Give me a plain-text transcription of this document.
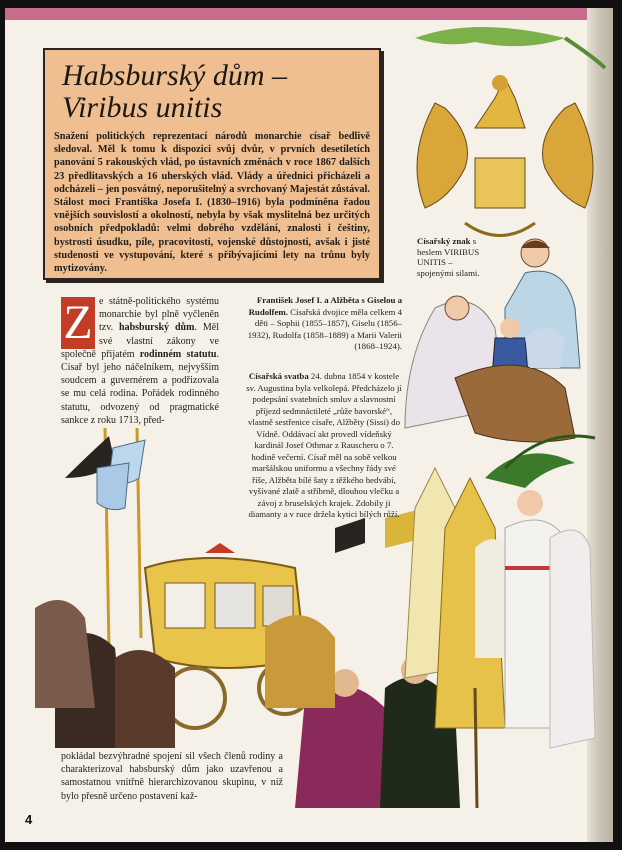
Habsburský dům –
Viribus unitis

Snažení politických reprezentací národů monarchie císař bedlivě sledoval. Měl k tomu k dispozici svůj dvůr, v prvních desetiletích panování 5 rakouských vlád, po ústavních změnách v roce 1867 dalších 23 předlitavských a 16 uherských vlád. Vlády a úřednici přicházeli a odcházeli – jen posvátný, neporušitelný a svrchovaný Majestát zůstával. Stálost moci Františka Josefa I. (1830–1916) byla podmíněna řadou vnějších souvislostí a okolností, nebyla by však myslitelná bez určitých osobních předpokladů: velmi dobrého vzdělání, znalosti i češtiny, bystrosti úsudku, píle, pracovitosti, vojenské důstojnosti, avšak i jisté studenosti ve vystupování, které s přibývajícími lety na trůnu byly mytizovány.

Z e státně-politického systému monarchie byl plně vyčleněn tzv. habsburský dům. Měl své vlastní zákony ve společně přijatém rodinném statutu. Císař byl jeho náčelníkem, nejvyšším soudcem a guvernérem a podřizovala se mu celá rodina. Pořádek rodinného statutu, odvozený od pragmatické sankce z roku 1713, před-
František Josef I. a Alžběta s Giselou a Rudolfem. Císařská dvojice měla celkem 4 děti – Sophii (1855–1857), Giselu (1856–1932), Rudolfa (1858–1889) a Marii Valerii (1868–1924).
Císařská svatba 24. dubna 1854 v kostele sv. Augustina byla velkolepá. Předcházelo jí podepsání svatebních smluv a slavnostní příjezd sedmnáctileté „růže bavorské“, vlastně sestřenice císaře, Alžběty (Sissi) do Vídně. Oddávací akt provedl vídeňský kardinál Josef Othmar z Rauscheru o 7. hodině večerní. Císař měl na sobě velkou maršálskou uniformu a všechny řády své říše, Alžběta bílé šaty z těžkého hedvábí, vyšívané zlatě a stříbrně, dlouhou vlečku a závoj z bruselských krajek. Zdobily ji diamanty a v ruce držela kytici bílých růží.
Císařský znak s heslem VIRIBUS UNITIS – spojenými silami.
pokládal bezvýhradné spojení sil všech členů rodiny a charakterizoval habsburský dům jako uzavřenou a samostatnou vnitřně hierarchizovanou skupinu, v níž bylo přesně určeno postavení kaž-
4
